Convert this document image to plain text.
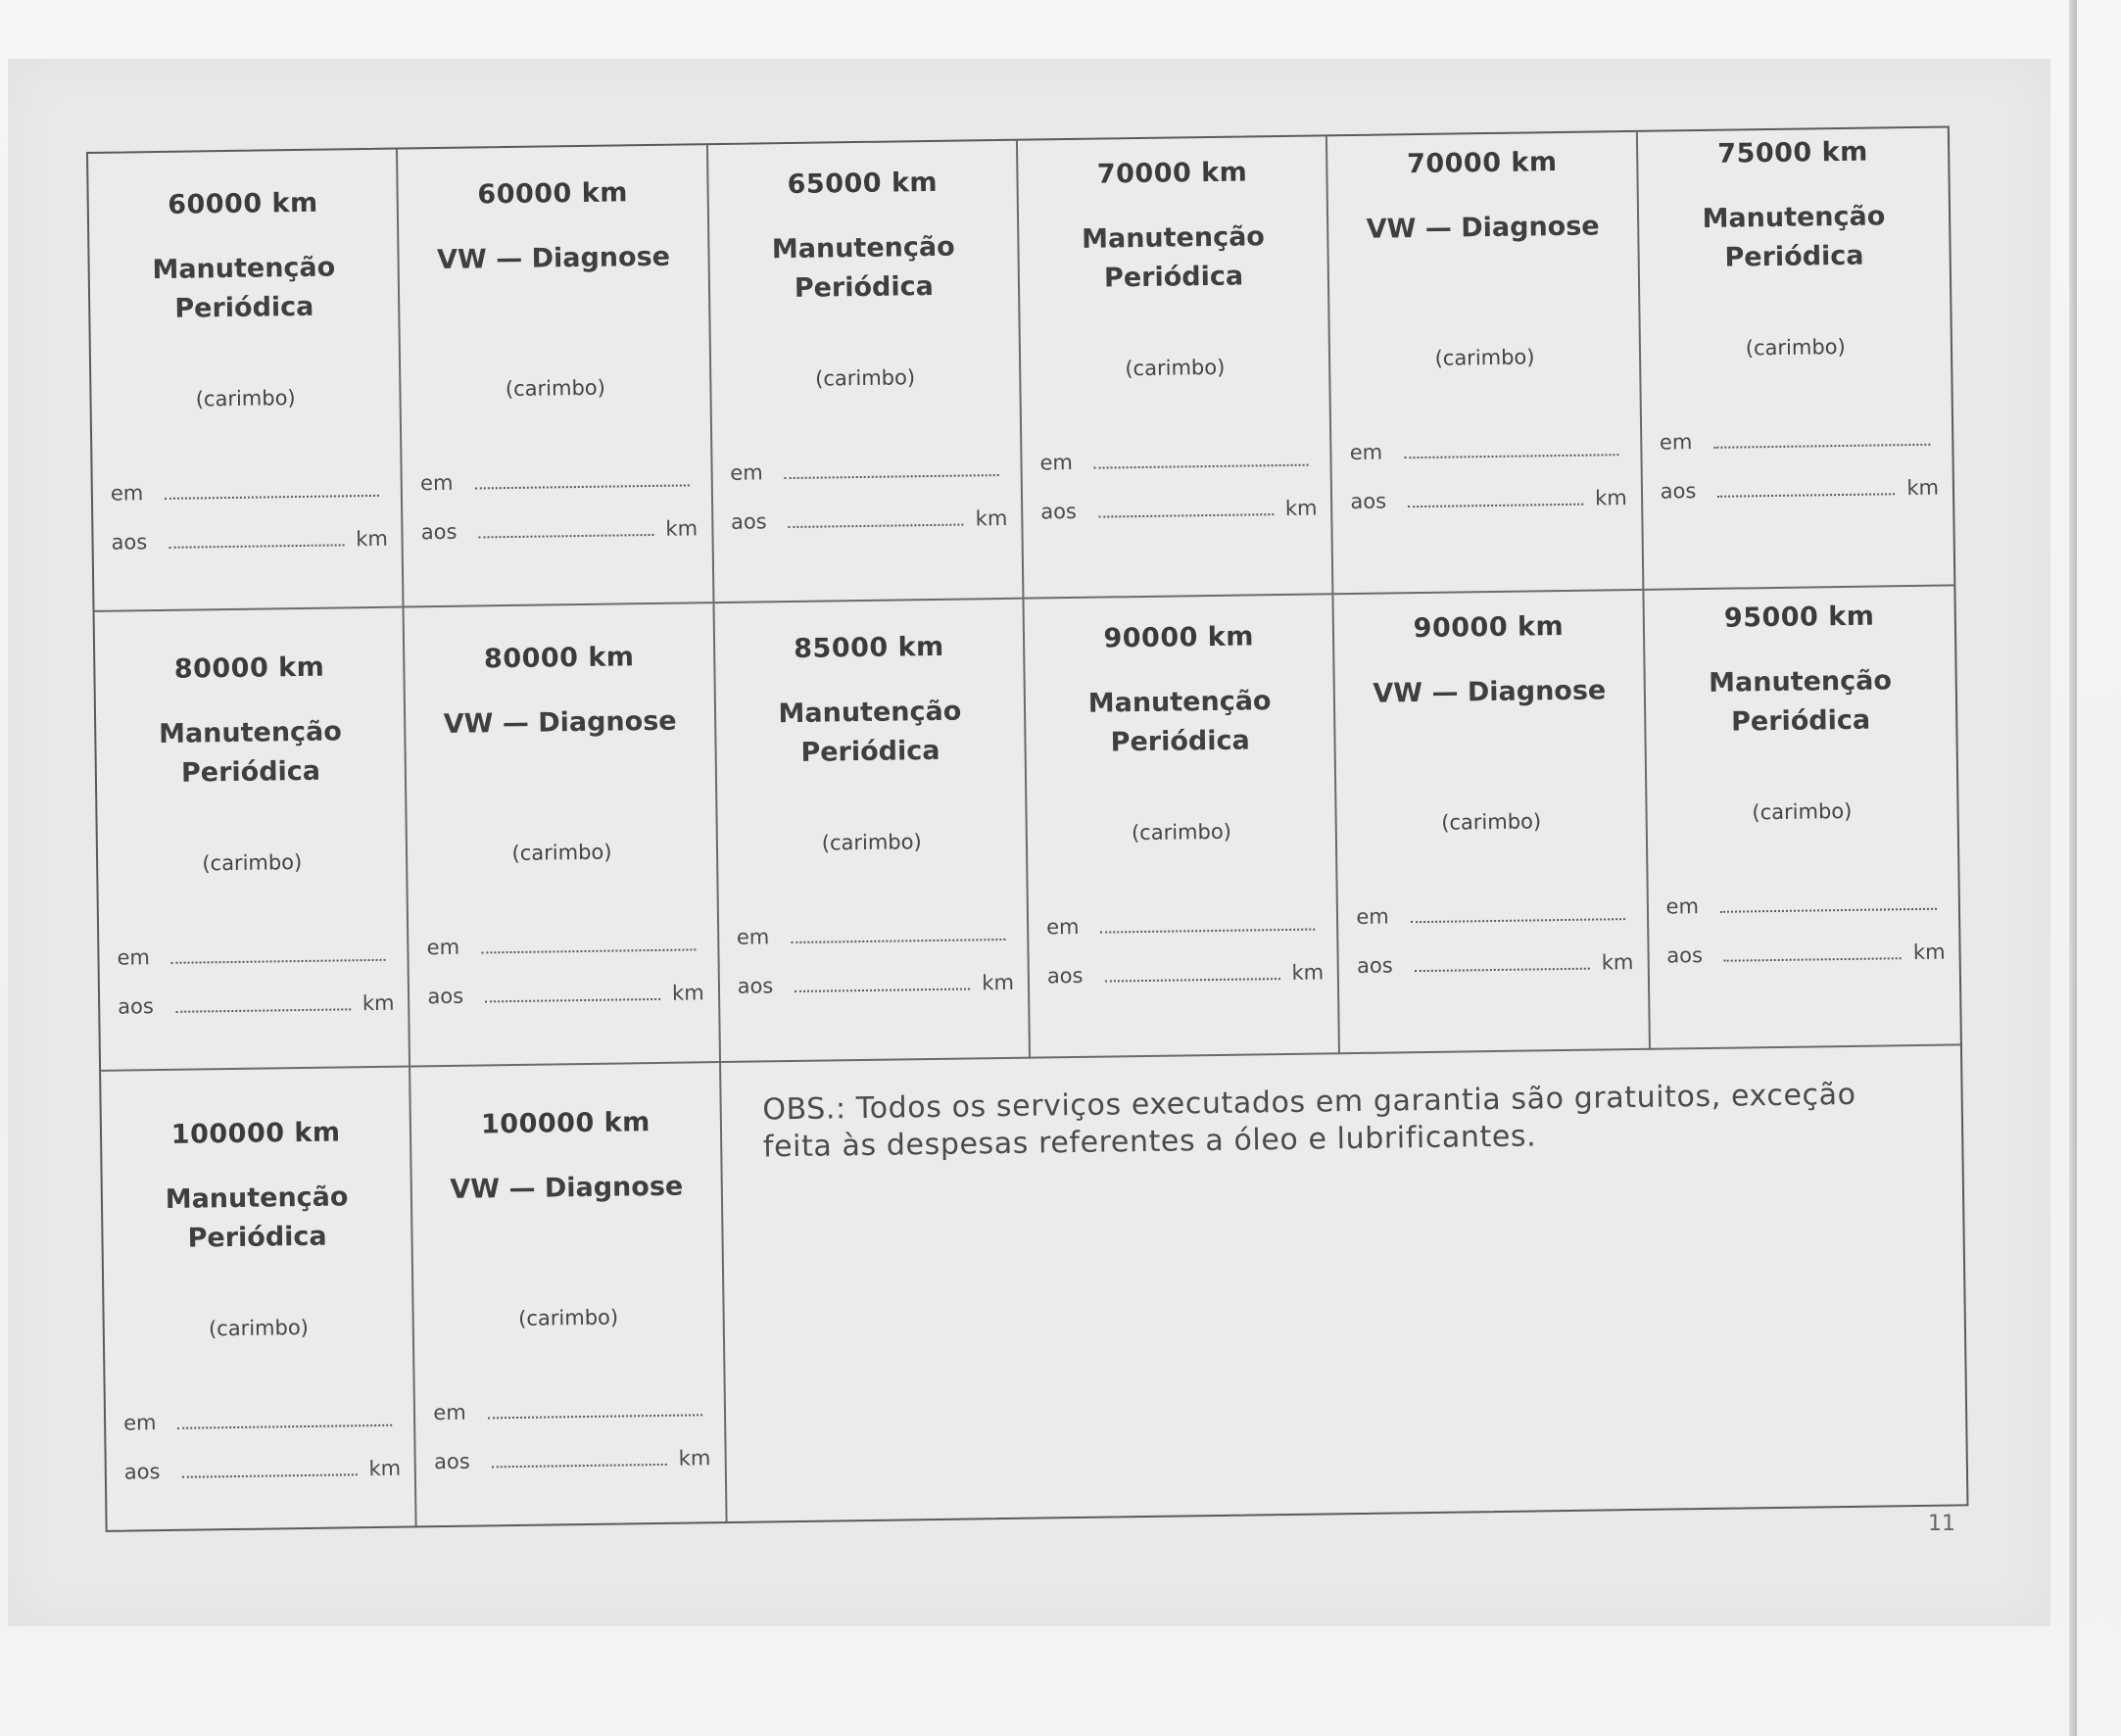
60000 km
Manutenção
Periódica
(carimbo)
em
aos	km
60000 km
VW — Diagnose
(carimbo)
em
aos	km
65000 km
Manutenção
Periódica
(carimbo)
em
aos	km
70000 km
Manutenção
Periódica
(carimbo)
em
aos	km
70000 km
VW — Diagnose
(carimbo)
em
aos	km
75000 km
Manutenção
Periódica
(carimbo)
em
aos	km
80000 km
Manutenção
Periódica
(carimbo)
em
aos	km
80000 km
VW — Diagnose
(carimbo)
em
aos	km
85000 km
Manutenção
Periódica
(carimbo)
em
aos	km
90000 km
Manutenção
Periódica
(carimbo)
em
aos	km
90000 km
VW — Diagnose
(carimbo)
em
aos	km
95000 km
Manutenção
Periódica
(carimbo)
em
aos	km
100000 km
Manutenção
Periódica
(carimbo)
em
aos	km
100000 km
VW — Diagnose
(carimbo)
em
aos	km
OBS.: Todos os serviços executados em garantia são gratuitos, exceção feita às despesas referentes a óleo e lubrificantes.
11
